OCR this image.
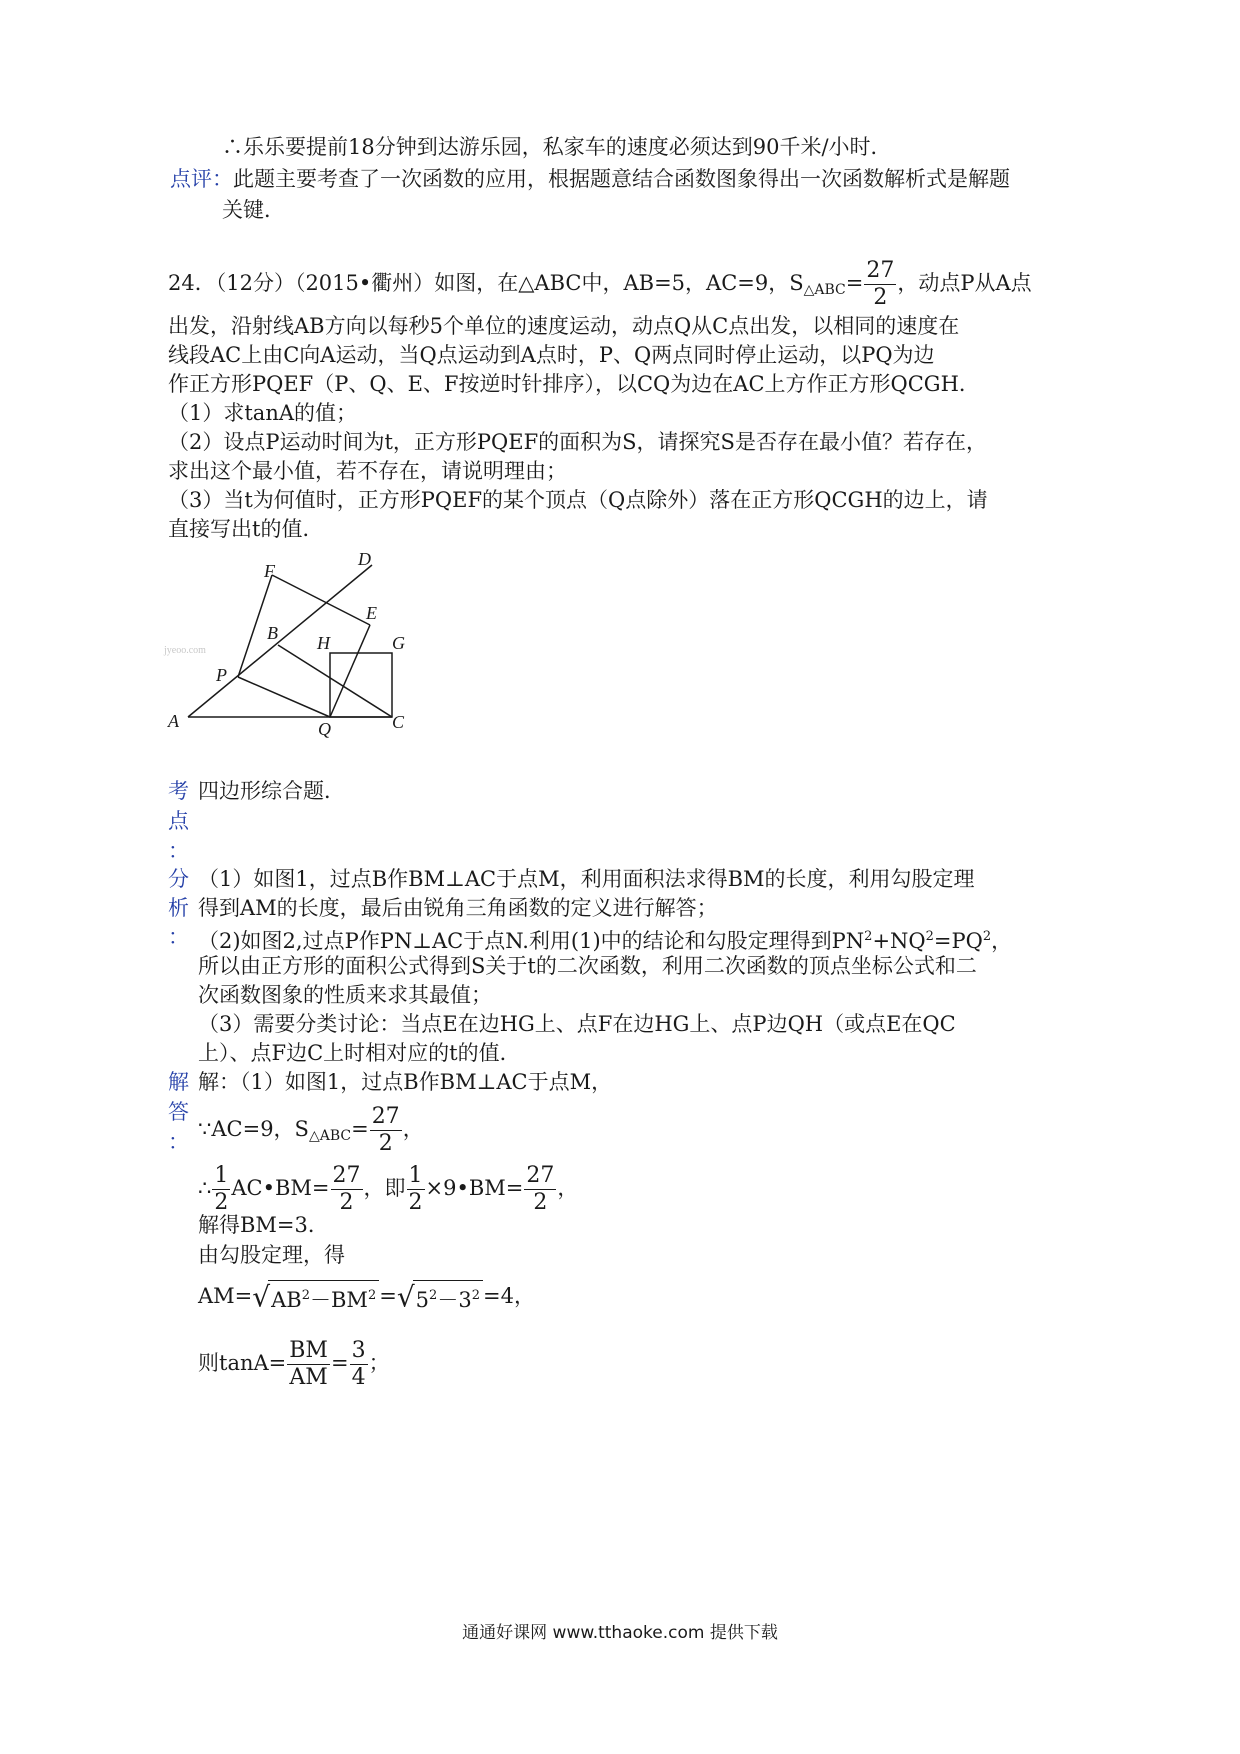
∴乐乐要提前18分钟到达游乐园，私家车的速度必须达到90千米/小时．
点评：此题主要考查了一次函数的应用，根据题意结合函数图象得出一次函数解析式是解题
关键．
24．（12分）（2015•衢州）如图，在△ABC中，AB=5，AC=9，$S_{\triangle ABC}= \frac{27}{2}$ ，动点P从A点
出发，沿射线AB方向以每秒5个单位的速度运动，动点Q从C点出发，以相同的速度在
线段AC上由C向A运动，当Q点运动到A点时，P、Q两点同时停止运动，以PQ为边
作正方形PQEF（P、Q、E、F按逆时针排序），以CQ为边在AC上方作正方形QCGH．
（1）求tanA的值；
（2）设点P运动时间为t，正方形PQEF的面积为S，请探究S是否存在最小值？若存在，
求出这个最小值，若不存在，请说明理由；
（3）当t为何值时，正方形PQEF的某个顶点（Q点除外）落在正方形QCGH的边上，请
直接写出t的值．
A
B
C
D
E
F
G
H
P
Q
jyeoo.com
考
点
：
四边形综合题．
分
析
：
（1）如图1，过点B作BM⊥AC于点M，利用面积法求得BM的长度，利用勾股定理
得到AM的长度，最后由锐角三角函数的定义进行解答；
（2)如图2,过点P作PN⊥AC于点N.利用(1)中的结论和勾股定理得到$PN^2+NQ^2=PQ^2$，
所以由正方形的面积公式得到S关于t的二次函数，利用二次函数的顶点坐标公式和二
次函数图象的性质来求其最值；
（3）需要分类讨论：当点E在边HG上、点F在边HG上、点P边QH（或点E在QC
上）、点F边C上时相对应的t的值．
解
答
：
解：（1）如图1，过点B作BM⊥AC于点M，
∵AC=9，$S_{\triangle ABC}= \frac{27}{2}$ ，
∴ $\frac{1}{2}$ AC•BM= $\frac{27}{2}$ ，即 $\frac{1}{2}$ ×9•BM= $\frac{27}{2}$ ，
解得BM=3．
由勾股定理，得
$AM=√AB^2-BM^2 =√5^2-3^2 =4$，
则$\tan A= \frac{BM}{AM} = \frac{3}{4}$ ；
通通好课网 www.tthaoke.com 提供下载
